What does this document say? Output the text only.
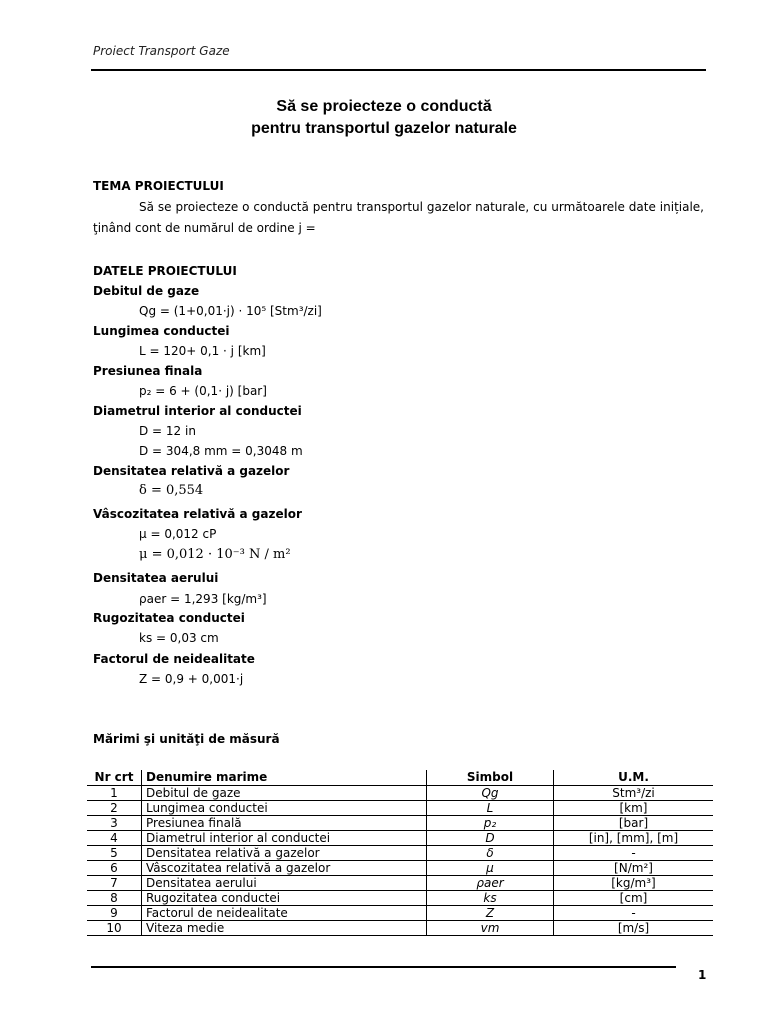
Proiect Transport Gaze
Să se proiecteze o conductă
pentru transportul gazelor naturale
TEMA PROIECTULUI
Să se proiecteze o conductă pentru transportul gazelor naturale, cu următoarele date inițiale, ţinând cont de numărul de ordine j =
DATELE PROIECTULUI
Debitul de gaze
Qg = (1+0,01·j) · 10⁵ [Stm³/zi]
Lungimea conductei
L = 120+ 0,1 · j [km]
Presiunea finala
p₂ = 6 + (0,1· j) [bar]
Diametrul interior al conductei
D = 12 in
D = 304,8 mm = 0,3048 m
Densitatea relativă a gazelor
δ = 0,554
Vâscozitatea relativă a gazelor
μ = 0,012 cP
μ = 0,012 · 10⁻³ N / m²
Densitatea aerului
ρaer = 1,293 [kg/m³]
Rugozitatea conductei
ks = 0,03 cm
Factorul de neidealitate
Z = 0,9 + 0,001·j
Mărimi şi unităţi de măsură
Nr crt	Denumire marime	Simbol	U.M.
1	Debitul de gaze	Qg	Stm³/zi
2	Lungimea conductei	L	[km]
3	Presiunea finală	p₂	[bar]
4	Diametrul interior al conductei	D	[in], [mm], [m]
5	Densitatea relativă a gazelor	δ	-
6	Vâscozitatea relativă a gazelor	μ	[N/m²]
7	Densitatea aerului	ρaer	[kg/m³]
8	Rugozitatea conductei	ks	[cm]
9	Factorul de neidealitate	Z	-
10	Viteza medie	vm	[m/s]
1
